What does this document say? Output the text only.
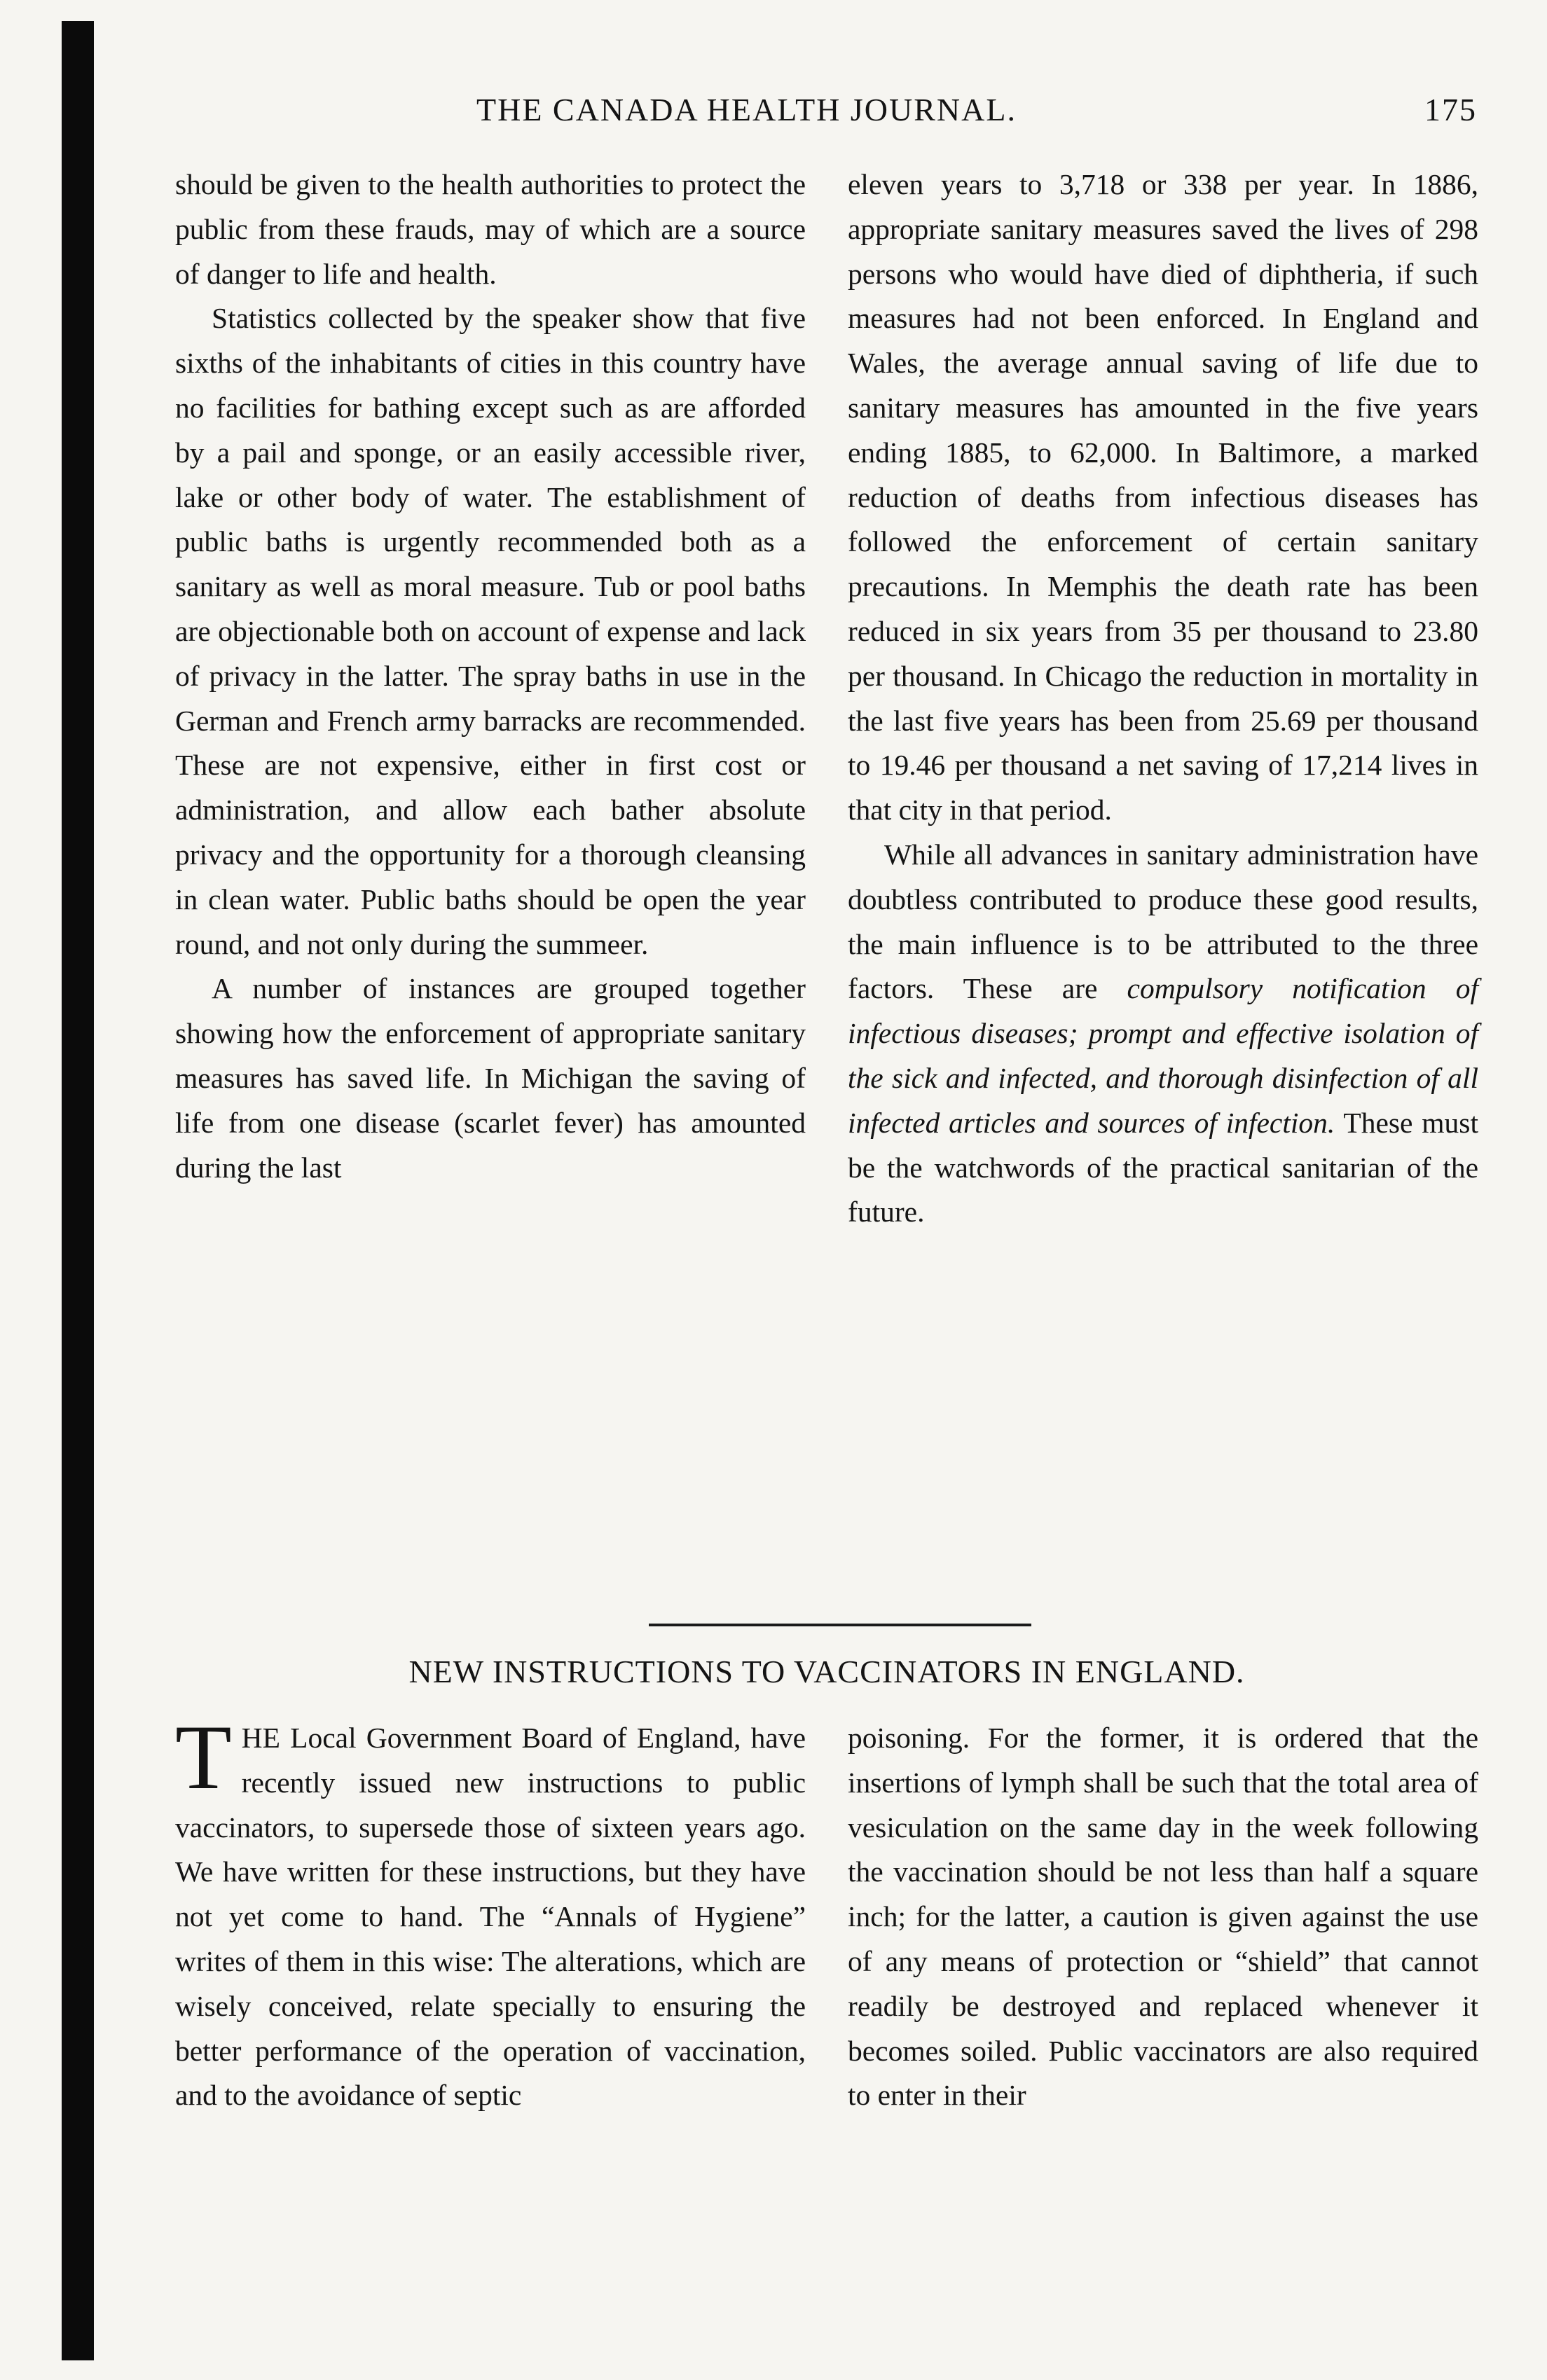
THE CANADA HEALTH JOURNAL.	175

should be given to the health authorities to protect the public from these frauds, may of which are a source of danger to life and health.

Statistics collected by the speaker show that five sixths of the inhabitants of cities in this country have no facilities for bathing except such as are afforded by a pail and sponge, or an easily accessible river, lake or other body of water. The establishment of public baths is urgently recommended both as a sanitary as well as moral measure. Tub or pool baths are objectionable both on account of expense and lack of privacy in the latter. The spray baths in use in the German and French army barracks are recommended. These are not expensive, either in first cost or administration, and allow each bather absolute privacy and the opportunity for a thorough cleansing in clean water. Public baths should be open the year round, and not only during the summeer.

A number of instances are grouped together showing how the enforcement of appropriate sanitary measures has saved life. In Michigan the saving of life from one disease (scarlet fever) has amounted during the last

eleven years to 3,718 or 338 per year. In 1886, appropriate sanitary measures saved the lives of 298 persons who would have died of diphtheria, if such measures had not been enforced. In England and Wales, the average annual saving of life due to sanitary measures has amounted in the five years ending 1885, to 62,000. In Baltimore, a marked reduction of deaths from infectious diseases has followed the enforcement of certain sanitary precautions. In Memphis the death rate has been reduced in six years from 35 per thousand to 23.80 per thousand. In Chicago the reduction in mortality in the last five years has been from 25.69 per thousand to 19.46 per thousand a net saving of 17,214 lives in that city in that period.

While all advances in sanitary administration have doubtless contributed to produce these good results, the main influence is to be attributed to the three factors. These are compulsory notification of infectious diseases; prompt and effective isolation of the sick and infected, and thorough disinfection of all infected articles and sources of infection. These must be the watchwords of the practical sanitarian of the future.

NEW INSTRUCTIONS TO VACCINATORS IN ENGLAND.

THE Local Government Board of England, have recently issued new instructions to public vaccinators, to supersede those of sixteen years ago. We have written for these instructions, but they have not yet come to hand. The “Annals of Hygiene” writes of them in this wise: The alterations, which are wisely conceived, relate specially to ensuring the better performance of the operation of vaccination, and to the avoidance of septic

poisoning. For the former, it is ordered that the insertions of lymph shall be such that the total area of vesiculation on the same day in the week following the vaccination should be not less than half a square inch; for the latter, a caution is given against the use of any means of protection or “shield” that cannot readily be destroyed and replaced whenever it becomes soiled. Public vaccinators are also required to enter in their
